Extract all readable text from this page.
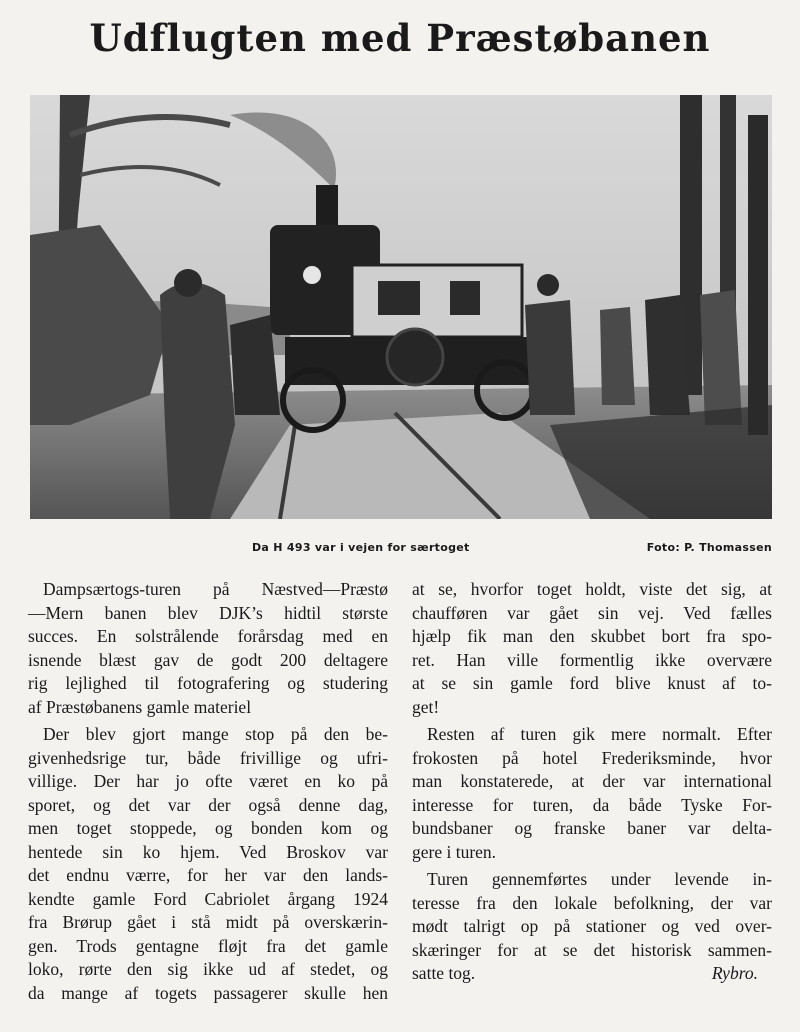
Udflugten med Præstøbanen
Da H 493 var i vejen for særtoget	Foto: P. Thomassen
Dampsærtogs-turen på Næstved—Præstø
—Mern banen blev DJK’s hidtil største
succes. En solstrålende forårsdag med en
isnende blæst gav de godt 200 deltagere
rig lejlighed til fotografering og studering
af Præstøbanens gamle materiel
Der blev gjort mange stop på den be-
givenhedsrige tur, både frivillige og ufri-
villige. Der har jo ofte været en ko på
sporet, og det var der også denne dag,
men toget stoppede, og bonden kom og
hentede sin ko hjem. Ved Broskov var
det endnu værre, for her var den lands-
kendte gamle Ford Cabriolet årgang 1924
fra Brørup gået i stå midt på overskærin-
gen. Trods gentagne fløjt fra det gamle
loko, rørte den sig ikke ud af stedet, og
da mange af togets passagerer skulle hen
at se, hvorfor toget holdt, viste det sig, at
chaufføren var gået sin vej. Ved fælles
hjælp fik man den skubbet bort fra spo-
ret. Han ville formentlig ikke overvære
at se sin gamle ford blive knust af to-
get!
Resten af turen gik mere normalt. Efter
frokosten på hotel Frederiksminde, hvor
man konstaterede, at der var international
interesse for turen, da både Tyske For-
bundsbaner og franske baner var delta-
gere i turen.
Turen gennemførtes under levende in-
teresse fra den lokale befolkning, der var
mødt talrigt op på stationer og ved over-
skæringer for at se det historisk sammen-
satte tog.	Rybro.
